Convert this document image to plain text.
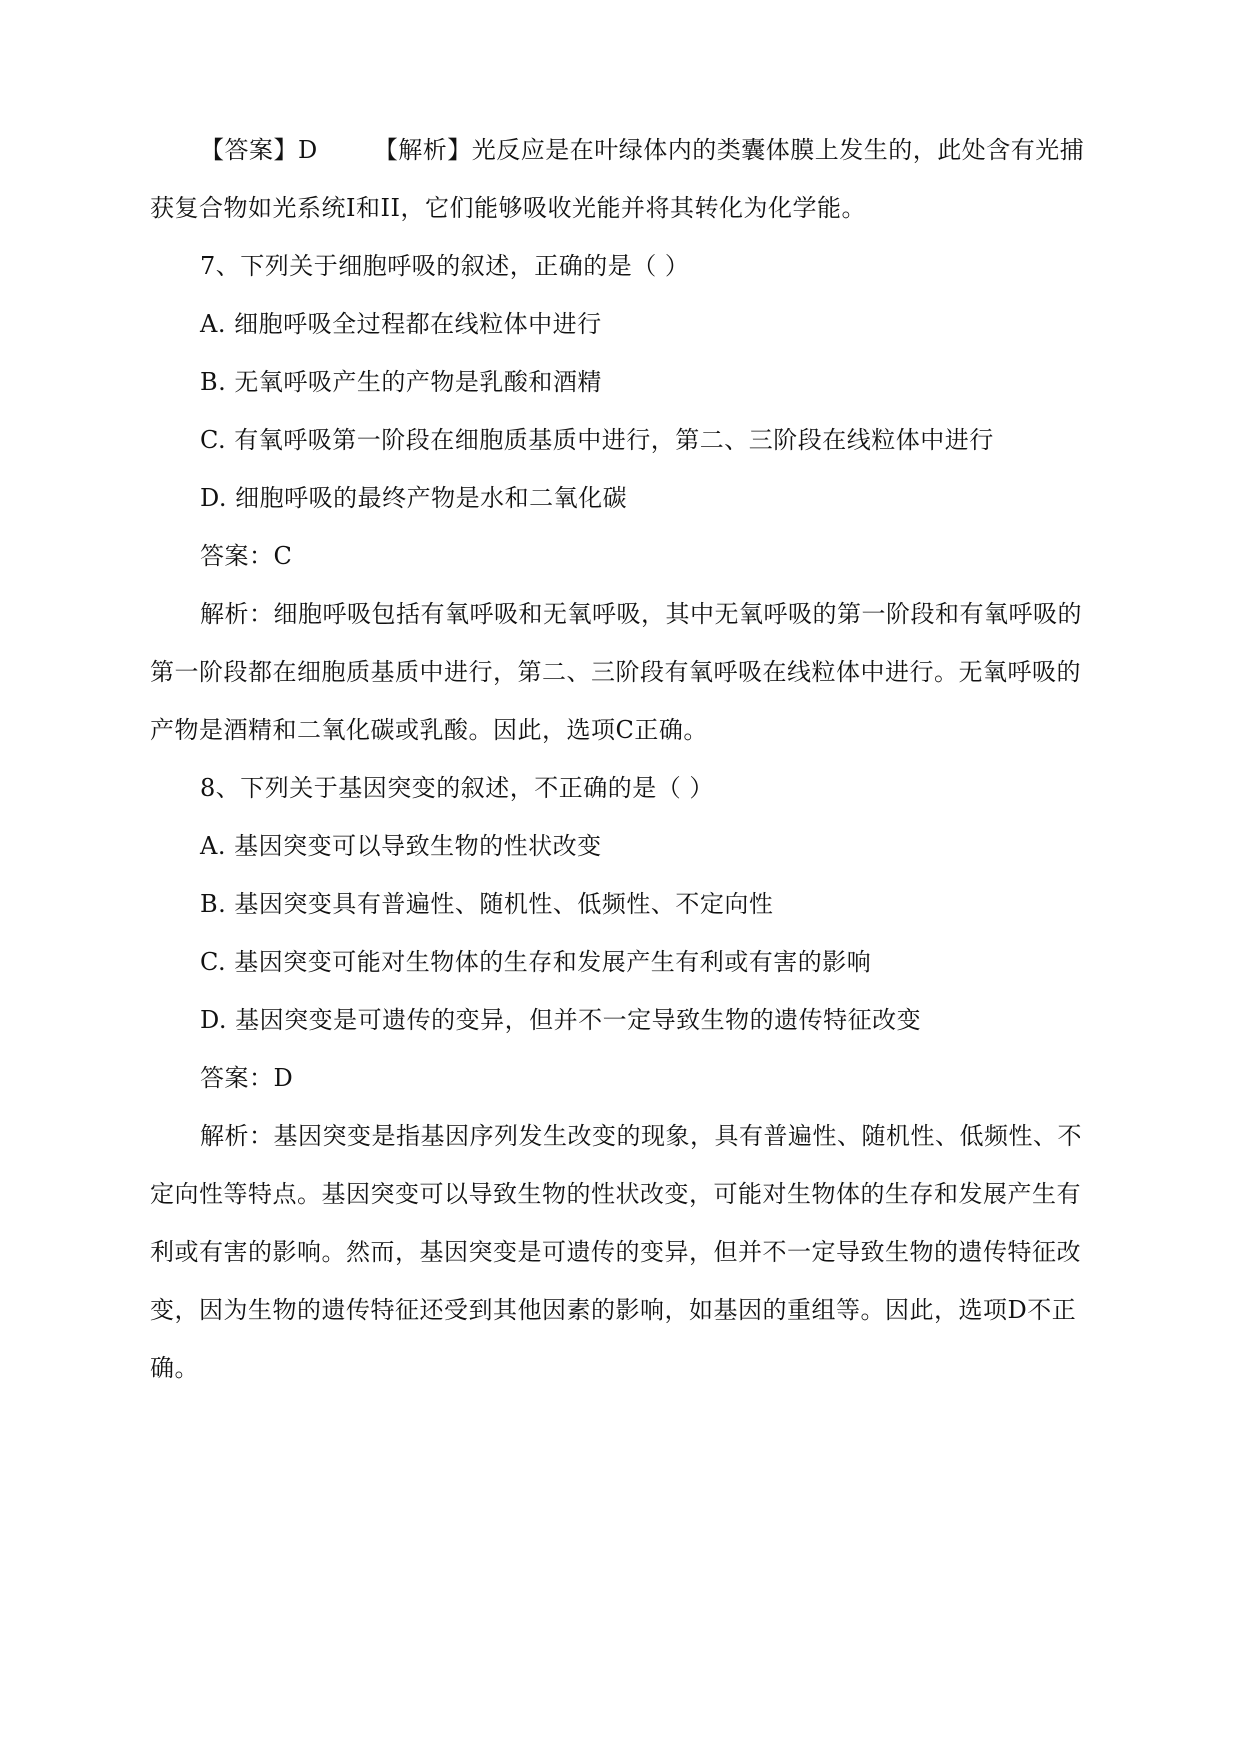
【答案】D 【解析】光反应是在叶绿体内的类囊体膜上发生的，此处含有光捕
获复合物如光系统I和II，它们能够吸收光能并将其转化为化学能。
7、下列关于细胞呼吸的叙述，正确的是（ ）
A. 细胞呼吸全过程都在线粒体中进行
B. 无氧呼吸产生的产物是乳酸和酒精
C. 有氧呼吸第一阶段在细胞质基质中进行，第二、三阶段在线粒体中进行
D. 细胞呼吸的最终产物是水和二氧化碳
答案：C
解析：细胞呼吸包括有氧呼吸和无氧呼吸，其中无氧呼吸的第一阶段和有氧呼吸的
第一阶段都在细胞质基质中进行，第二、三阶段有氧呼吸在线粒体中进行。无氧呼吸的
产物是酒精和二氧化碳或乳酸。因此，选项C正确。
8、下列关于基因突变的叙述，不正确的是（ ）
A. 基因突变可以导致生物的性状改变
B. 基因突变具有普遍性、随机性、低频性、不定向性
C. 基因突变可能对生物体的生存和发展产生有利或有害的影响
D. 基因突变是可遗传的变异，但并不一定导致生物的遗传特征改变
答案：D
解析：基因突变是指基因序列发生改变的现象，具有普遍性、随机性、低频性、不
定向性等特点。基因突变可以导致生物的性状改变，可能对生物体的生存和发展产生有
利或有害的影响。然而，基因突变是可遗传的变异，但并不一定导致生物的遗传特征改
变，因为生物的遗传特征还受到其他因素的影响，如基因的重组等。因此，选项D不正
确。
